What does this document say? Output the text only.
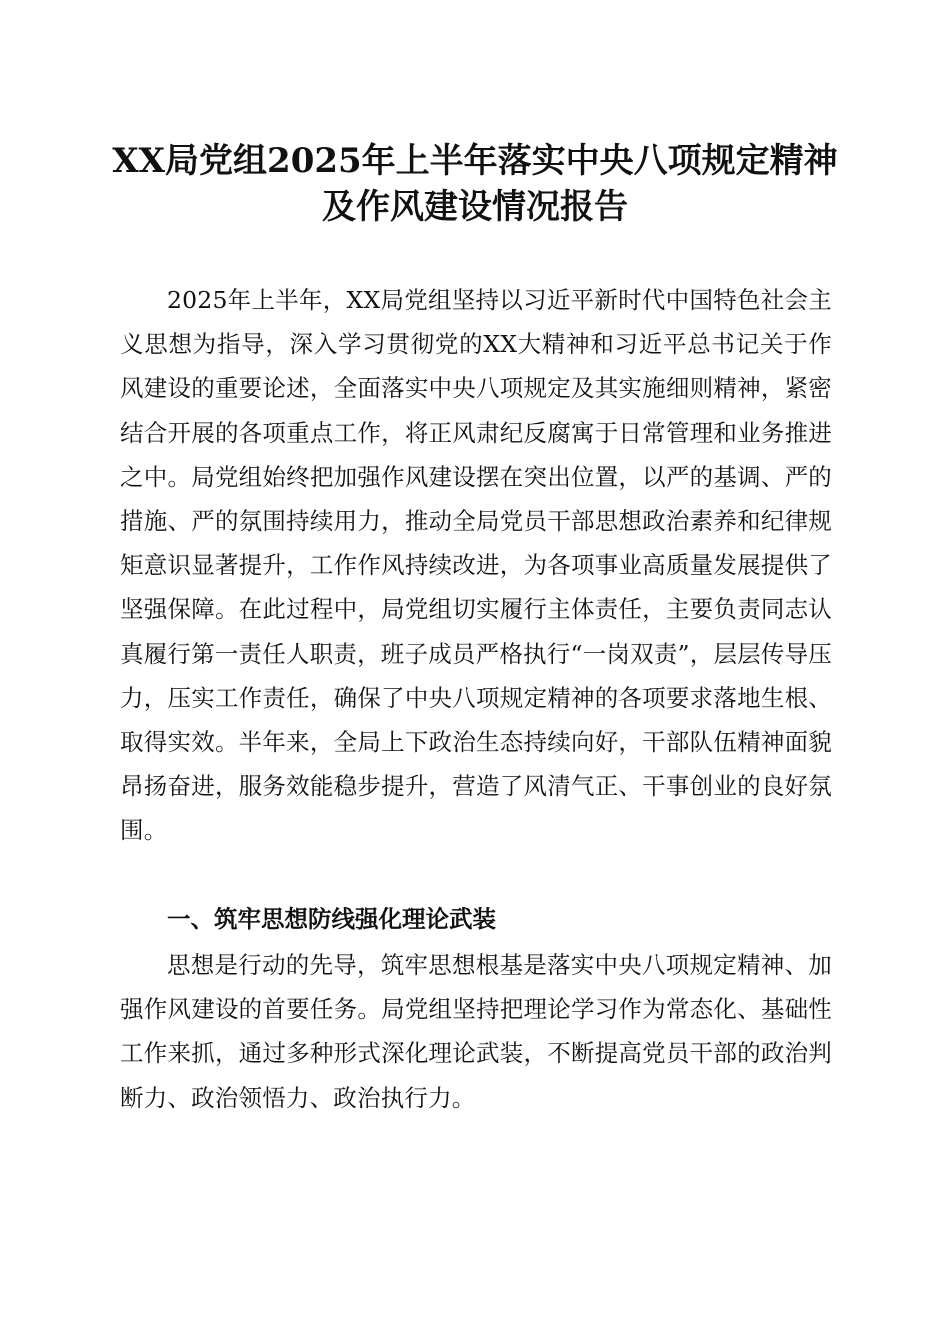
XX局党组2025年上半年落实中央八项规定精神及作风建设情况报告

2025年上半年，XX局党组坚持以习近平新时代中国特色社会主义思想为指导，深入学习贯彻党的XX大精神和习近平总书记关于作风建设的重要论述，全面落实中央八项规定及其实施细则精神，紧密结合开展的各项重点工作，将正风肃纪反腐寓于日常管理和业务推进之中。局党组始终把加强作风建设摆在突出位置，以严的基调、严的措施、严的氛围持续用力，推动全局党员干部思想政治素养和纪律规矩意识显著提升，工作作风持续改进，为各项事业高质量发展提供了坚强保障。在此过程中，局党组切实履行主体责任，主要负责同志认真履行第一责任人职责，班子成员严格执行“一岗双责”，层层传导压力，压实工作责任，确保了中央八项规定精神的各项要求落地生根、取得实效。半年来，全局上下政治生态持续向好，干部队伍精神面貌昂扬奋进，服务效能稳步提升，营造了风清气正、干事创业的良好氛围。

一、筑牢思想防线强化理论武装

思想是行动的先导，筑牢思想根基是落实中央八项规定精神、加强作风建设的首要任务。局党组坚持把理论学习作为常态化、基础性工作来抓，通过多种形式深化理论武装，不断提高党员干部的政治判断力、政治领悟力、政治执行力。
